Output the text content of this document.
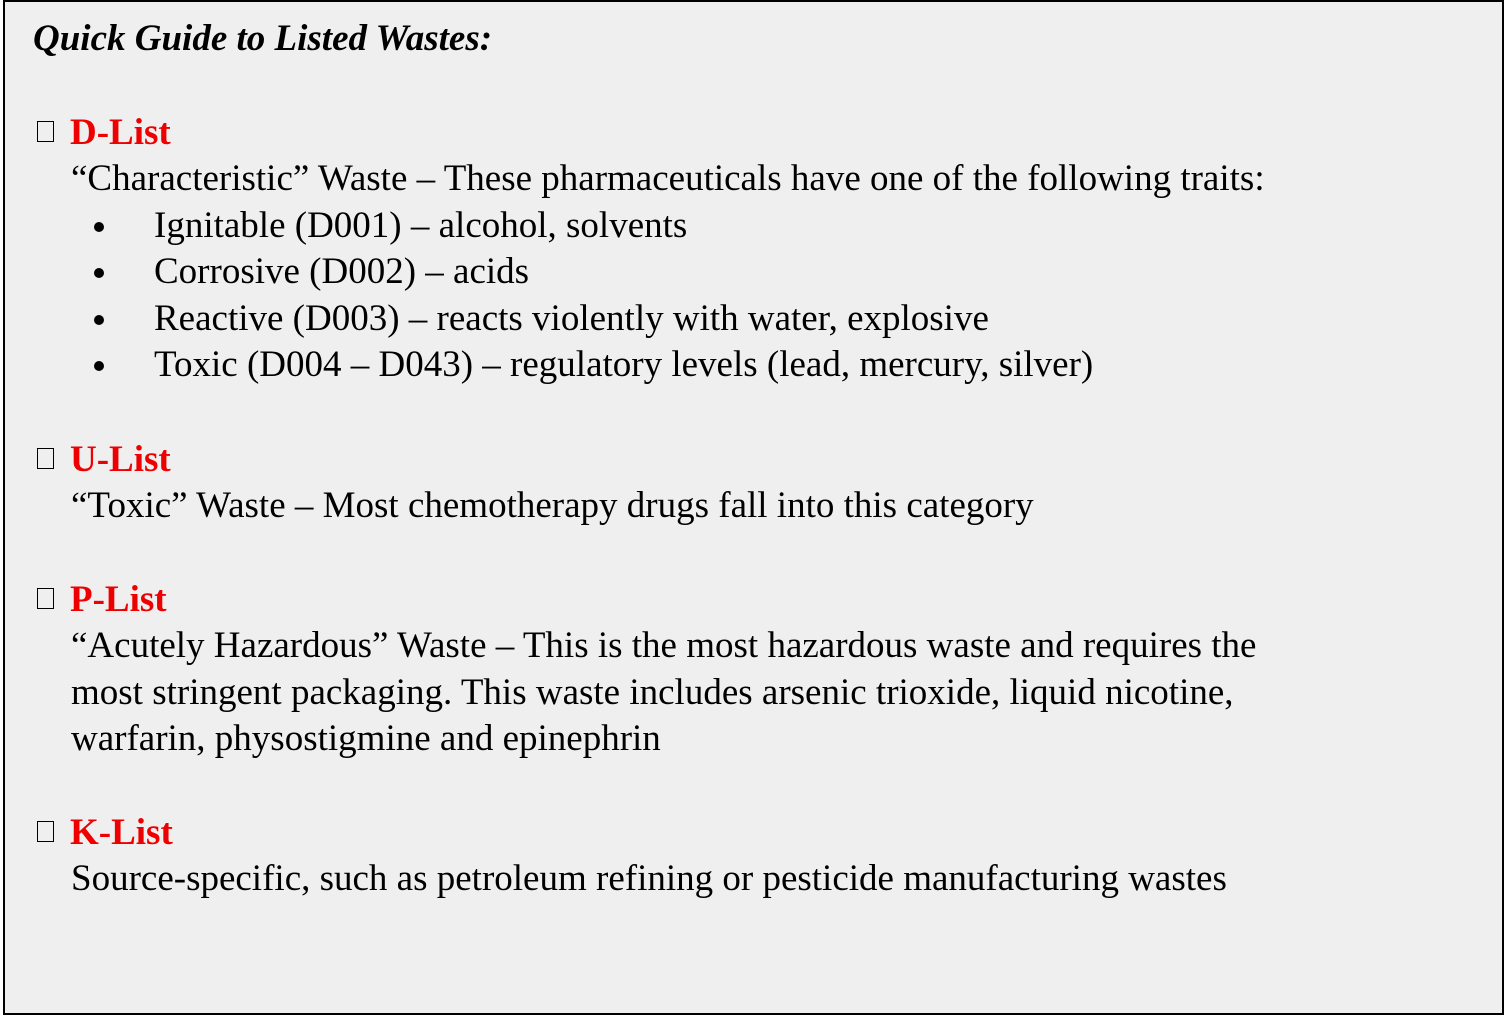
Quick Guide to Listed Wastes:
D-List
“Characteristic” Waste – These pharmaceuticals have one of the following traits:
Ignitable (D001) – alcohol, solvents
Corrosive (D002) – acids
Reactive (D003) – reacts violently with water, explosive
Toxic (D004 – D043) – regulatory levels (lead, mercury, silver)
U-List
“Toxic” Waste – Most chemotherapy drugs fall into this category
P-List
“Acutely Hazardous” Waste – This is the most hazardous waste and requires the
most stringent packaging. This waste includes arsenic trioxide, liquid nicotine,
warfarin, physostigmine and epinephrin
K-List
Source-specific, such as petroleum refining or pesticide manufacturing wastes
